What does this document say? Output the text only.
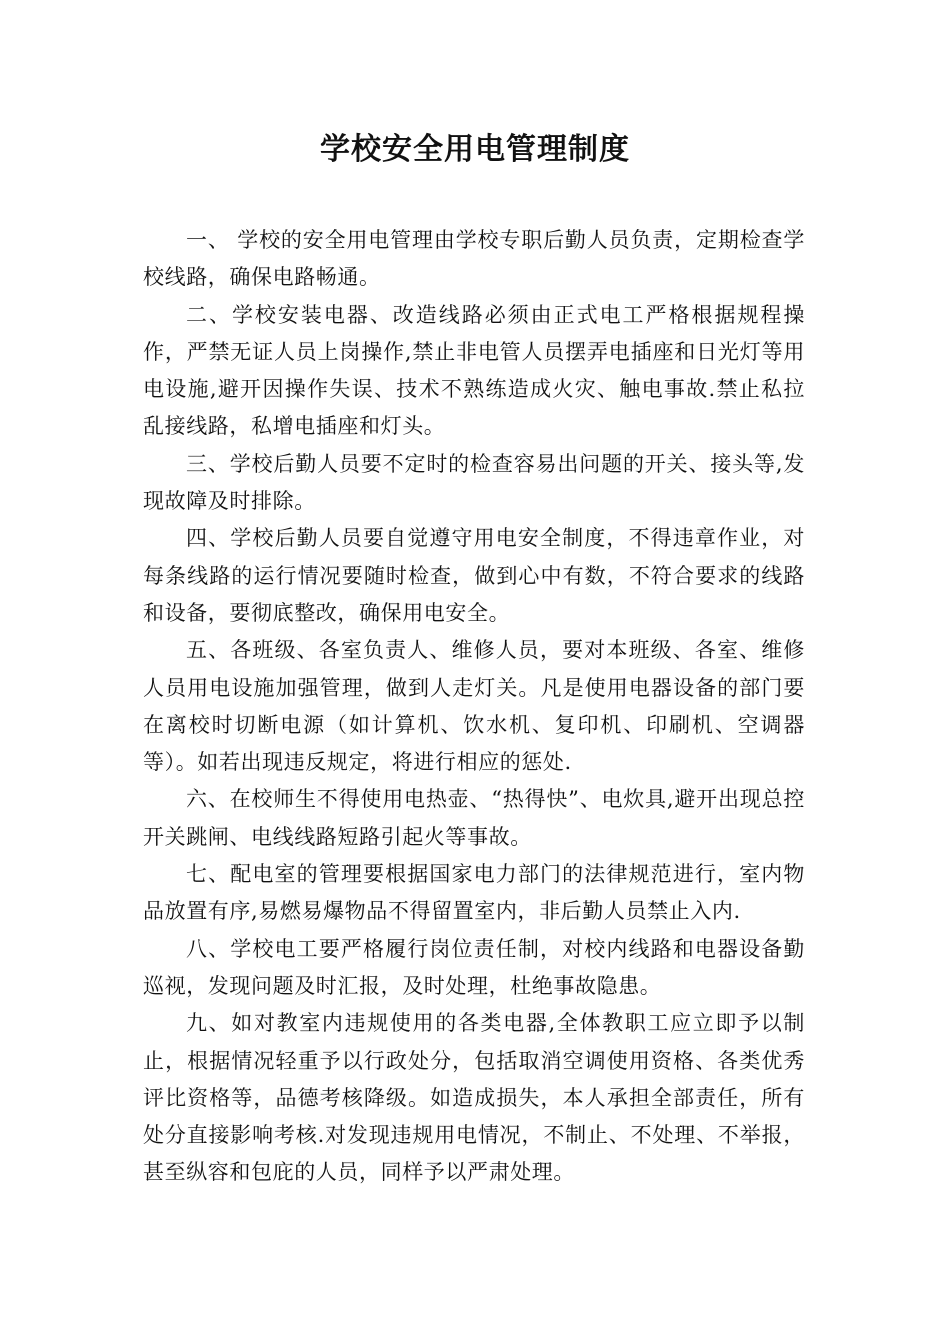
学校安全用电管理制度

一、 学校的安全用电管理由学校专职后勤人员负责，定期检查学校线路，确保电路畅通。

二、学校安装电器、改造线路必须由正式电工严格根据规程操作，严禁无证人员上岗操作,禁止非电管人员摆弄电插座和日光灯等用电设施,避开因操作失误、技术不熟练造成火灾、触电事故.禁止私拉乱接线路，私增电插座和灯头。

三、学校后勤人员要不定时的检查容易出问题的开关、接头等,发现故障及时排除。

四、学校后勤人员要自觉遵守用电安全制度，不得违章作业，对每条线路的运行情况要随时检查，做到心中有数，不符合要求的线路和设备，要彻底整改，确保用电安全。

五、各班级、各室负责人、维修人员，要对本班级、各室、维修人员用电设施加强管理，做到人走灯关。凡是使用电器设备的部门要在离校时切断电源（如计算机、饮水机、复印机、印刷机、空调器等）。如若出现违反规定，将进行相应的惩处.

六、在校师生不得使用电热壶、“热得快”、电炊具,避开出现总控开关跳闸、电线线路短路引起火等事故。

七、配电室的管理要根据国家电力部门的法律规范进行，室内物品放置有序,易燃易爆物品不得留置室内，非后勤人员禁止入内.

八、学校电工要严格履行岗位责任制，对校内线路和电器设备勤巡视，发现问题及时汇报，及时处理，杜绝事故隐患。

九、如对教室内违规使用的各类电器,全体教职工应立即予以制止，根据情况轻重予以行政处分，包括取消空调使用资格、各类优秀评比资格等，品德考核降级。如造成损失，本人承担全部责任，所有处分直接影响考核.对发现违规用电情况，不制止、不处理、不举报，甚至纵容和包庇的人员，同样予以严肃处理。
